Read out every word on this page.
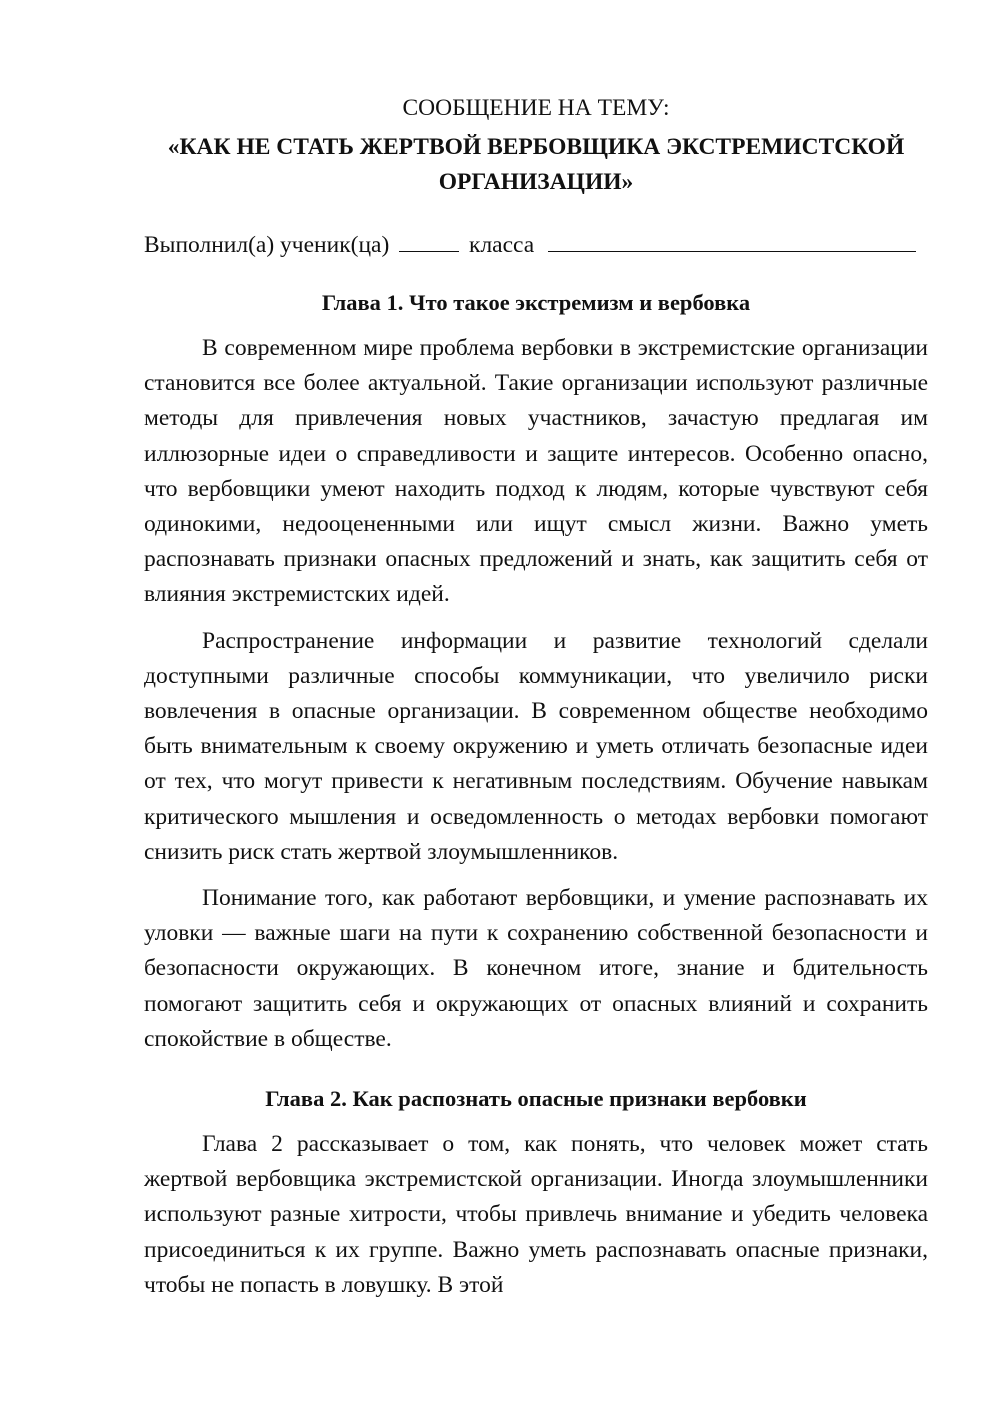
СООБЩЕНИЕ НА ТЕМУ:

«КАК НЕ СТАТЬ ЖЕРТВОЙ ВЕРБОВЩИКА ЭКСТРЕМИСТСКОЙ
ОРГАНИЗАЦИИ»

Выполнил(а) ученик(ца)	класса

Глава 1. Что такое экстремизм и вербовка

В современном мире проблема вербовки в экстремистские организации становится все более актуальной. Такие организации используют различные методы для привлечения новых участников, зачастую предлагая им иллюзорные идеи о справедливости и защите интересов. Особенно опасно, что вербовщики умеют находить подход к людям, которые чувствуют себя одинокими, недооцененными или ищут смысл жизни. Важно уметь распознавать признаки опасных предложений и знать, как защитить себя от влияния экстремистских идей.

Распространение информации и развитие технологий сделали доступными различные способы коммуникации, что увеличило риски вовлечения в опасные организации. В современном обществе необходимо быть внимательным к своему окружению и уметь отличать безопасные идеи от тех, что могут привести к негативным последствиям. Обучение навыкам критического мышления и осведомленность о методах вербовки помогают снизить риск стать жертвой злоумышленников.

Понимание того, как работают вербовщики, и умение распознавать их уловки — важные шаги на пути к сохранению собственной безопасности и безопасности окружающих. В конечном итоге, знание и бдительность помогают защитить себя и окружающих от опасных влияний и сохранить спокойствие в обществе.

Глава 2. Как распознать опасные признаки вербовки

Глава 2 рассказывает о том, как понять, что человек может стать жертвой вербовщика экстремистской организации. Иногда злоумышленники используют разные хитрости, чтобы привлечь внимание и убедить человека присоединиться к их группе. Важно уметь распознавать опасные признаки, чтобы не попасть в ловушку. В этой
